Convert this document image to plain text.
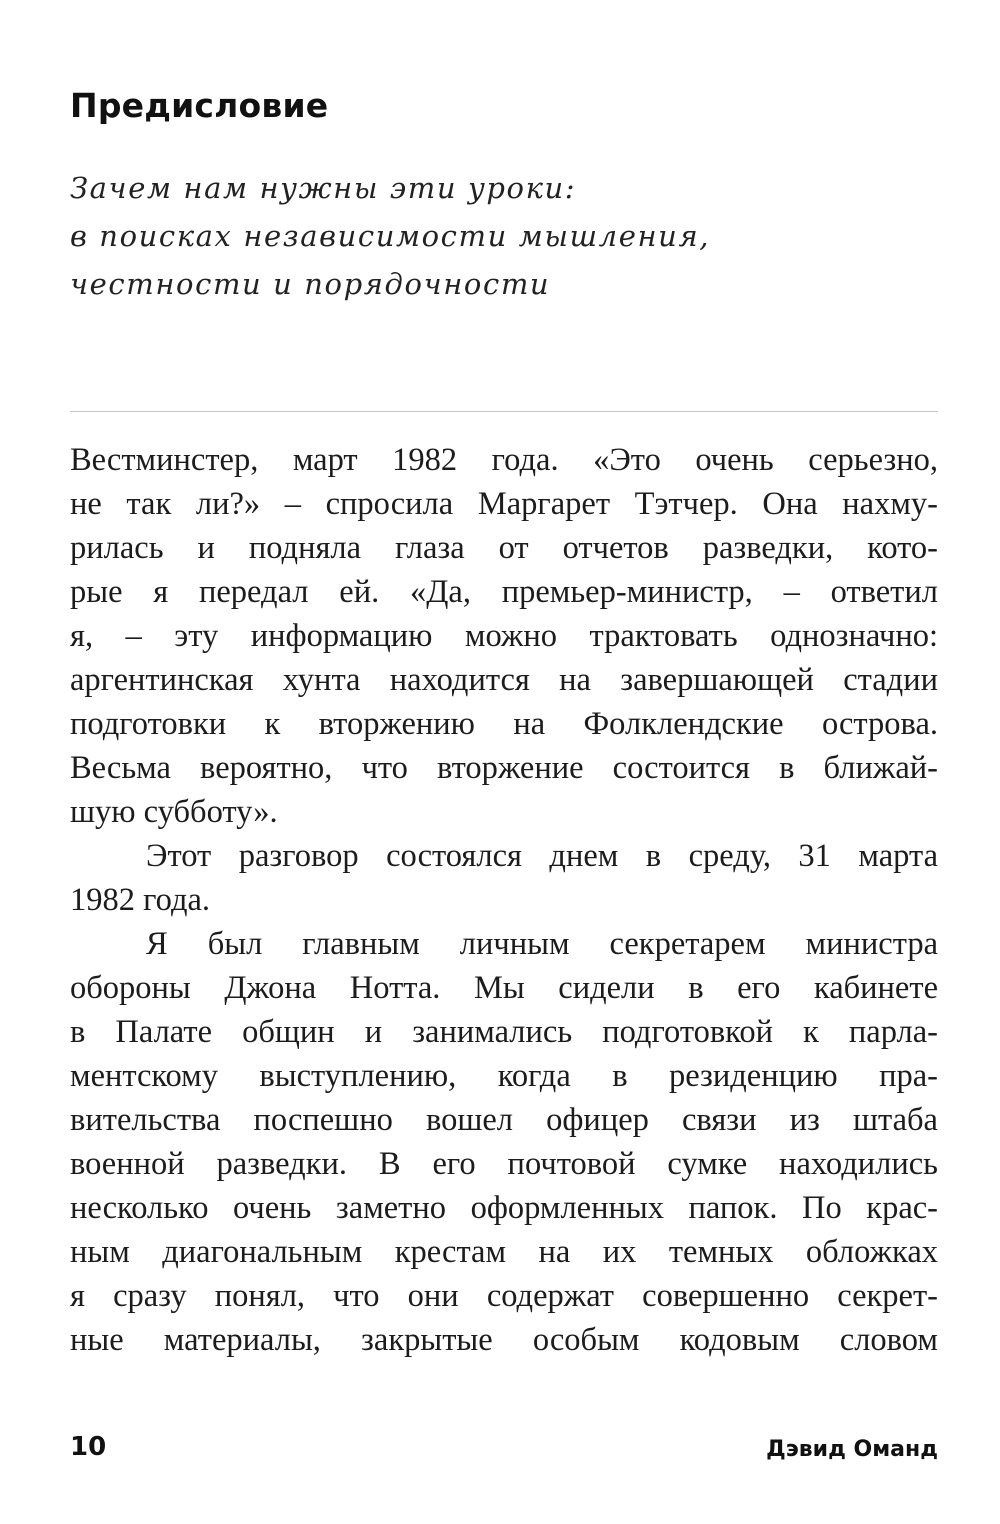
Предисловие
Зачем нам нужны эти уроки:
в поисках независимости мышления,
честности и порядочности
Вестминстер, март 1982 года. «Это очень серьезно,
не так ли?» – спросила Маргарет Тэтчер. Она нахму-
рилась и подняла глаза от отчетов разведки, кото-
рые я передал ей. «Да, премьер-министр, – ответил
я, – эту информацию можно трактовать однозначно:
аргентинская хунта находится на завершающей стадии
подготовки к вторжению на Фолклендские острова.
Весьма вероятно, что вторжение состоится в ближай-
шую субботу».
Этот разговор состоялся днем в среду, 31 марта
1982 года.
Я был главным личным секретарем министра
обороны Джона Нотта. Мы сидели в его кабинете
в Палате общин и занимались подготовкой к парла-
ментскому выступлению, когда в резиденцию пра-
вительства поспешно вошел офицер связи из штаба
военной разведки. В его почтовой сумке находились
несколько очень заметно оформленных папок. По крас-
ным диагональным крестам на их темных обложках
я сразу понял, что они содержат совершенно секрет-
ные материалы, закрытые особым кодовым словом
10	Дэвид Оманд
